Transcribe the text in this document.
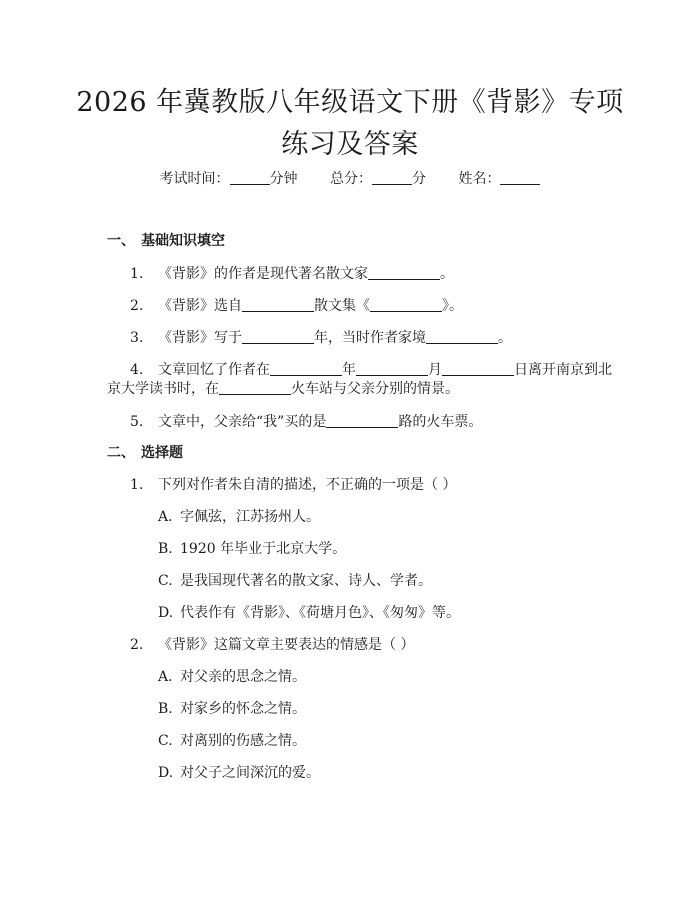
2026 年冀教版八年级语文下册《背影》专项
练习及答案
考试时间：	分钟 总分：	分 姓名：
一、 基础知识填空
1. 《背影》的作者是现代著名散文家	。
2. 《背影》选自	散文集《	》。
3. 《背影》写于	年，当时作者家境	。
4. 文章回忆了作者在	年	月	日离开南京到北
京大学读书时，在	火车站与父亲分别的情景。
5. 文章中，父亲给“我”买的是	路的火车票。
二、 选择题
1. 下列对作者朱自清的描述，不正确的一项是（ ）
A. 字佩弦，江苏扬州人。
B. 1920 年毕业于北京大学。
C. 是我国现代著名的散文家、诗人、学者。
D. 代表作有《背影》、《荷塘月色》、《匆匆》等。
2. 《背影》这篇文章主要表达的情感是（ ）
A. 对父亲的思念之情。
B. 对家乡的怀念之情。
C. 对离别的伤感之情。
D. 对父子之间深沉的爱。
